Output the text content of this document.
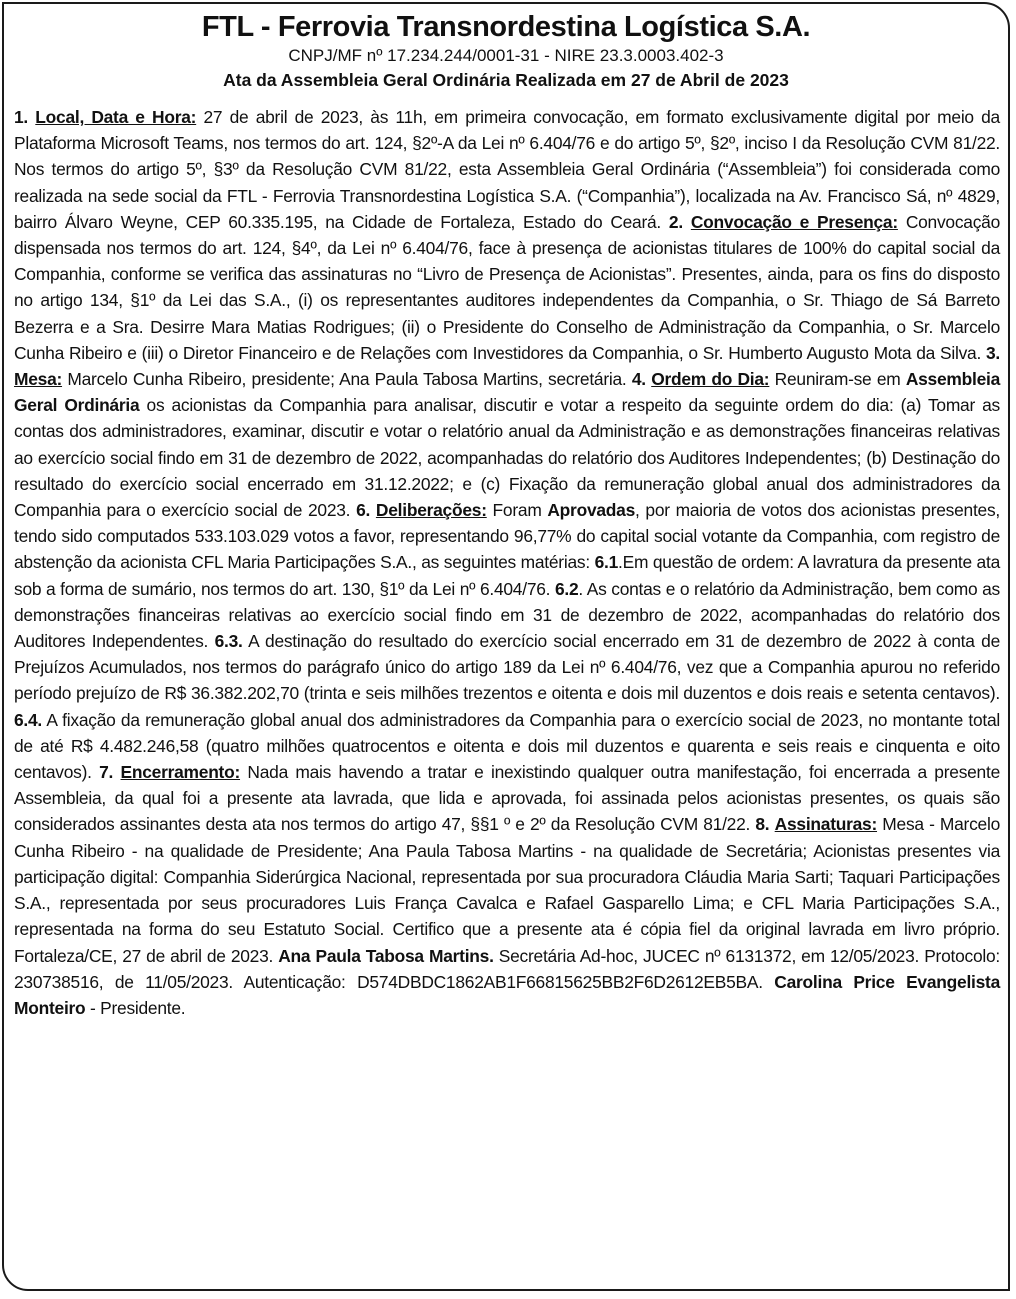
FTL - Ferrovia Transnordestina Logística S.A.
CNPJ/MF nº 17.234.244/0001-31 - NIRE 23.3.0003.402-3
Ata da Assembleia Geral Ordinária Realizada em 27 de Abril de 2023
1. Local, Data e Hora: 27 de abril de 2023, às 11h, em primeira convocação, em formato exclusivamente digital por meio da Plataforma Microsoft Teams, nos termos do art. 124, §2º-A da Lei nº 6.404/76 e do artigo 5º, §2º, inciso I da Resolução CVM 81/22. Nos termos do artigo 5º, §3º da Resolução CVM 81/22, esta Assembleia Geral Ordinária (“Assembleia”) foi considerada como realizada na sede social da FTL - Ferrovia Transnordestina Logística S.A. (“Companhia”), localizada na Av. Francisco Sá, nº 4829, bairro Álvaro Weyne, CEP 60.335.195, na Cidade de Fortaleza, Estado do Ceará. 2. Convocação e Presença: Convocação dispensada nos termos do art. 124, §4º, da Lei nº 6.404/76, face à presença de acionistas titulares de 100% do capital social da Companhia, conforme se verifica das assinaturas no “Livro de Presença de Acionistas”. Presentes, ainda, para os fins do disposto no artigo 134, §1º da Lei das S.A., (i) os representantes auditores independentes da Companhia, o Sr. Thiago de Sá Barreto Bezerra e a Sra. Desirre Mara Matias Rodrigues; (ii) o Presidente do Conselho de Administração da Companhia, o Sr. Marcelo Cunha Ribeiro e (iii) o Diretor Financeiro e de Relações com Investidores da Companhia, o Sr. Humberto Augusto Mota da Silva. 3. Mesa: Marcelo Cunha Ribeiro, presidente; Ana Paula Tabosa Martins, secretária. 4. Ordem do Dia: Reuniram-se em Assembleia Geral Ordinária os acionistas da Companhia para analisar, discutir e votar a respeito da seguinte ordem do dia: (a) Tomar as contas dos administradores, examinar, discutir e votar o relatório anual da Administração e as demonstrações financeiras relativas ao exercício social findo em 31 de dezembro de 2022, acompanhadas do relatório dos Auditores Independentes; (b) Destinação do resultado do exercício social encerrado em 31.12.2022; e (c) Fixação da remuneração global anual dos administradores da Companhia para o exercício social de 2023. 6. Deliberações: Foram Aprovadas, por maioria de votos dos acionistas presentes, tendo sido computados 533.103.029 votos a favor, representando 96,77% do capital social votante da Companhia, com registro de abstenção da acionista CFL Maria Participações S.A., as seguintes matérias: 6.1.Em questão de ordem: A lavratura da presente ata sob a forma de sumário, nos termos do art. 130, §1º da Lei nº 6.404/76. 6.2. As contas e o relatório da Administração, bem como as demonstrações financeiras relativas ao exercício social findo em 31 de dezembro de 2022, acompanhadas do relatório dos Auditores Independentes. 6.3. A destinação do resultado do exercício social encerrado em 31 de dezembro de 2022 à conta de Prejuízos Acumulados, nos termos do parágrafo único do artigo 189 da Lei nº 6.404/76, vez que a Companhia apurou no referido período prejuízo de R$ 36.382.202,70 (trinta e seis milhões trezentos e oitenta e dois mil duzentos e dois reais e setenta centavos). 6.4. A fixação da remuneração global anual dos administradores da Companhia para o exercício social de 2023, no montante total de até R$ 4.482.246,58 (quatro milhões quatrocentos e oitenta e dois mil duzentos e quarenta e seis reais e cinquenta e oito centavos). 7. Encerramento: Nada mais havendo a tratar e inexistindo qualquer outra manifestação, foi encerrada a presente Assembleia, da qual foi a presente ata lavrada, que lida e aprovada, foi assinada pelos acionistas presentes, os quais são considerados assinantes desta ata nos termos do artigo 47, §§1 º e 2º da Resolução CVM 81/22. 8. Assinaturas: Mesa - Marcelo Cunha Ribeiro - na qualidade de Presidente; Ana Paula Tabosa Martins - na qualidade de Secretária; Acionistas presentes via participação digital: Companhia Siderúrgica Nacional, representada por sua procuradora Cláudia Maria Sarti; Taquari Participações S.A., representada por seus procuradores Luis França Cavalca e Rafael Gasparello Lima; e CFL Maria Participações S.A., representada na forma do seu Estatuto Social. Certifico que a presente ata é cópia fiel da original lavrada em livro próprio. Fortaleza/CE, 27 de abril de 2023. Ana Paula Tabosa Martins. Secretária Ad-hoc, JUCEC nº 6131372, em 12/05/2023. Protocolo: 230738516, de 11/05/2023. Autenticação: D574DBDC1862AB1F66815625BB2F6D2612EB5BA. Carolina Price Evangelista Monteiro - Presidente.
